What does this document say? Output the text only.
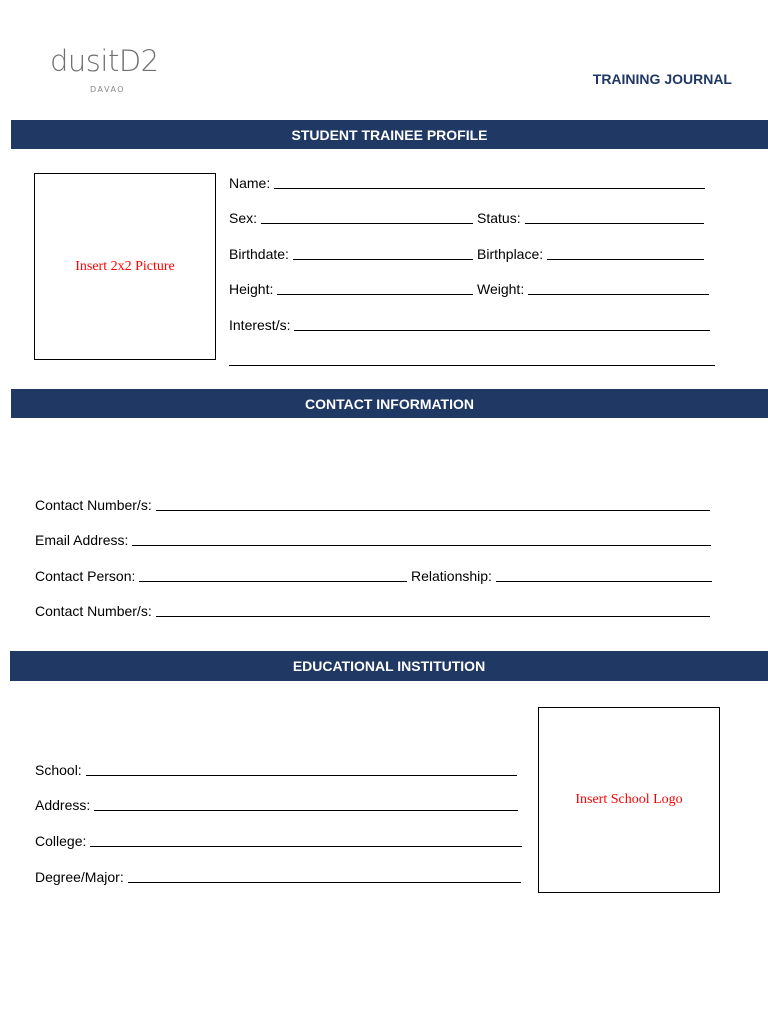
dusitD2
DAVAO
TRAINING JOURNAL
STUDENT TRAINEE PROFILE
Insert 2x2 Picture
Name:
Sex:	Status:
Birthdate:	Birthplace:
Height:	Weight:
Interest/s:
CONTACT INFORMATION
Contact Number/s:
Email Address:
Contact Person:	Relationship:
Contact Number/s:
EDUCATIONAL INSTITUTION
School:
Address:
College:
Degree/Major:
Insert School Logo
